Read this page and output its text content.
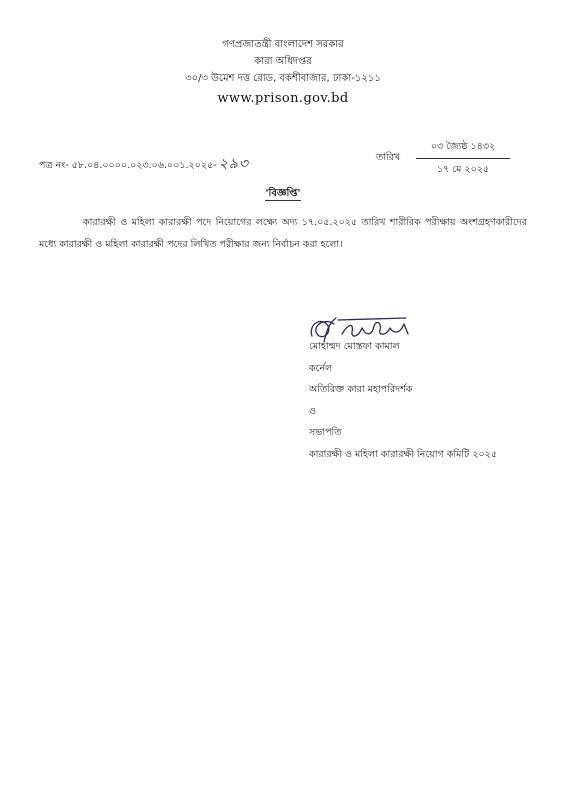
গণপ্রজাতন্ত্রী বাংলাদেশ সরকার
কারা অধিদপ্তর
৩০/৩ উমেশ দত্ত রোড, বকশীবাজার, ঢাকা-১২১১
www.prison.gov.bd
পত্র নং- ৫৮.০৪.০০০০.০২৩.০৬.০০১.২০২৫- ২৯৩	তারিখ
০৩ জ্যৈষ্ঠ ১৪৩২
১৭ মে ২০২৫
'বিজ্ঞপ্তি'
কারারক্ষী ও মহিলা কারারক্ষী পদে নিয়োগের লক্ষ্যে অদ্য ১৭.০৫.২০২৫ তারিখ শারীরিক পরীক্ষায় অংশগ্রহণকারীদের মধ্যে কারারক্ষী ও মহিলা কারারক্ষী পদের লিখিত পরীক্ষার জন্য নির্বাচন করা হলো।
মোহাম্মদ মোস্তফা কামাল
কর্নেল
অতিরিক্ত কারা মহাপরিদর্শক
ও
সভাপতি
কারারক্ষী ও মহিলা কারারক্ষী নিয়োগ কমিটি ২০২৫
